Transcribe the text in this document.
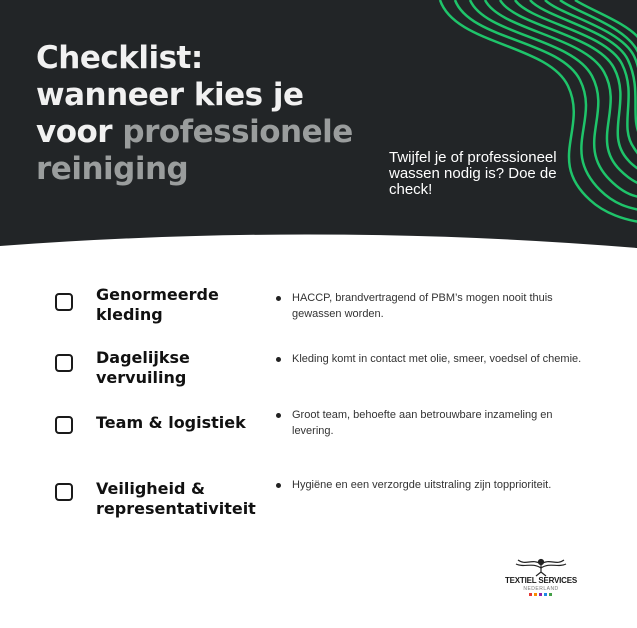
Checklist:
wanneer kies je
voor professionele
reiniging	Twijfel je of professioneel wassen nodig is? Doe de check!
Genormeerde kleding
HACCP, brandvertragend of PBM’s mogen nooit thuis gewassen worden.
Dagelijkse vervuiling
Kleding komt in contact met olie, smeer, voedsel of chemie.
Team & logistiek	Groot team, behoefte aan betrouwbare inzameling en levering.
Veiligheid & representativiteit
Hygiëne en een verzorgde uitstraling zijn topprioriteit.
TEXTIEL SERVICES
NEDERLAND
